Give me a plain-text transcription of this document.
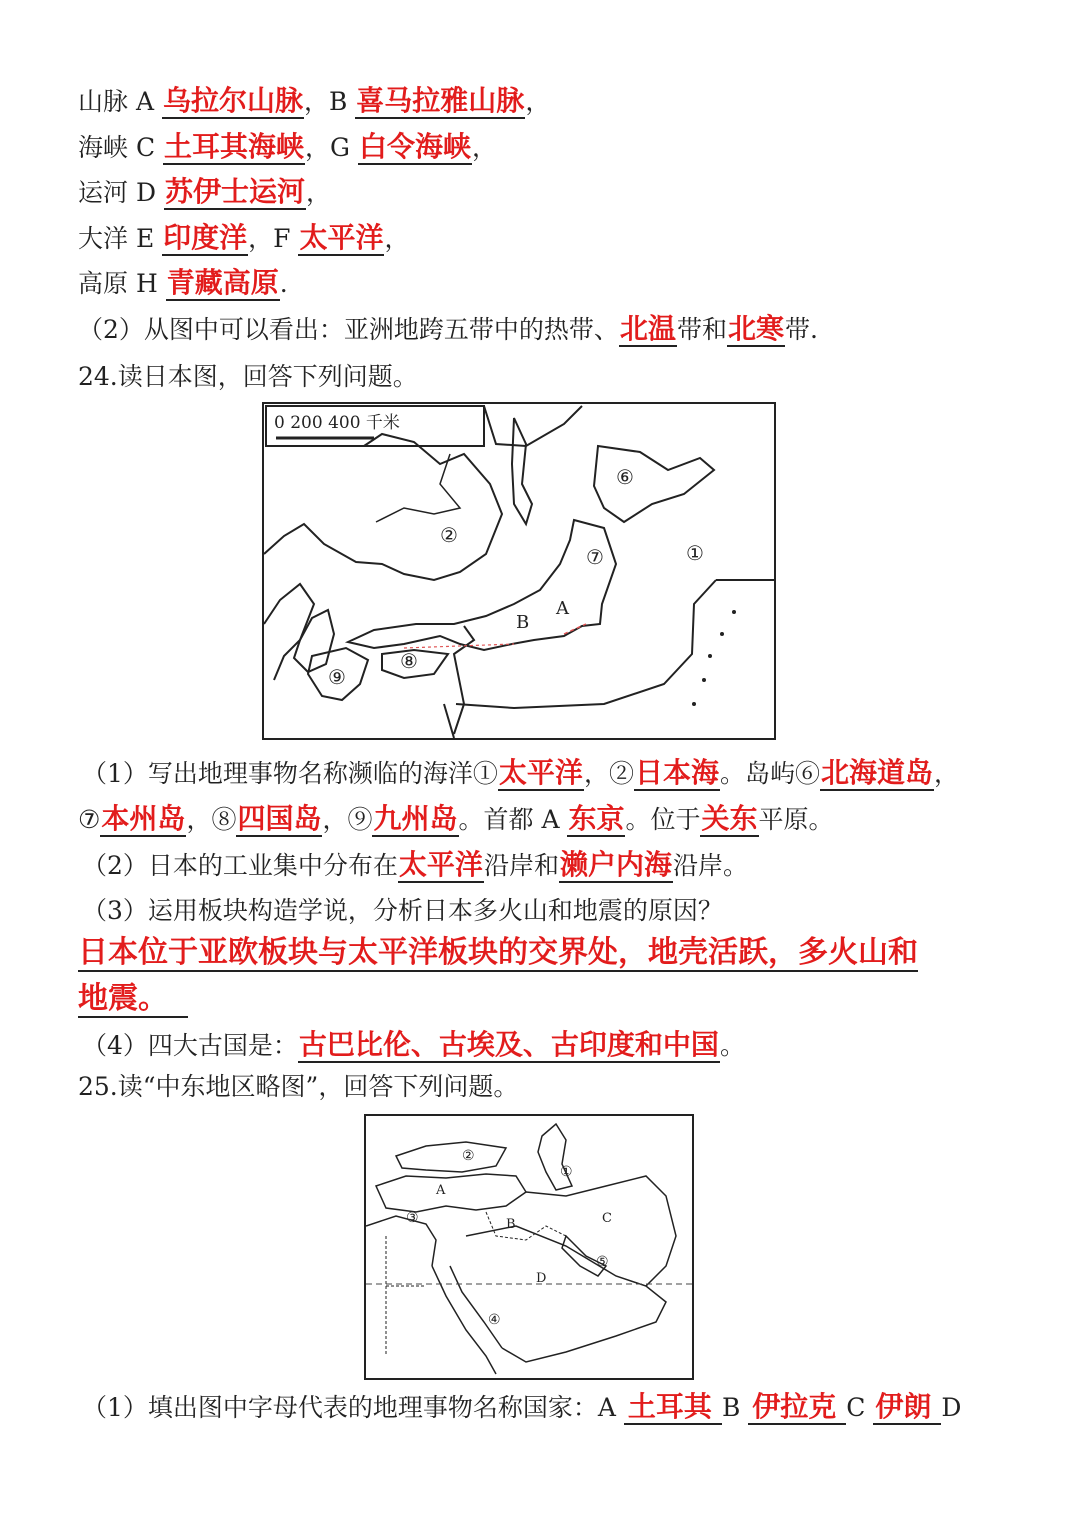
山脉 A 乌拉尔山脉，B 喜马拉雅山脉，
海峡 C 土耳其海峡，G 白令海峡，
运河 D 苏伊士运河，
大洋 E 印度洋，F 太平洋，
高原 H 青藏高原.
（2）从图中可以看出：亚洲地跨五带中的热带、北温带和北寒带.
24.读日本图，回答下列问题。
0 200 400 千米
⑥
②
⑦	①
B
A
⑨
⑧
（1）写出地理事物名称濒临的海洋①太平洋，②日本海。岛屿⑥北海道岛，
⑦本州岛，⑧四国岛，⑨九州岛。首都 A 东京。位于关东平原。
（2）日本的工业集中分布在太平洋沿岸和濑户内海沿岸。
（3）运用板块构造学说，分析日本多火山和地震的原因？
日本位于亚欧板块与太平洋板块的交界处，地壳活跃，多火山和
地震。
（4）四大古国是：古巴比伦、古埃及、古印度和中国。
25.读“中东地区略图”，回答下列问题。
②
①
A
③	B	C
⑤
D
④
（1）填出图中字母代表的地理事物名称国家：A 土耳其 B 伊拉克 C 伊朗 D
